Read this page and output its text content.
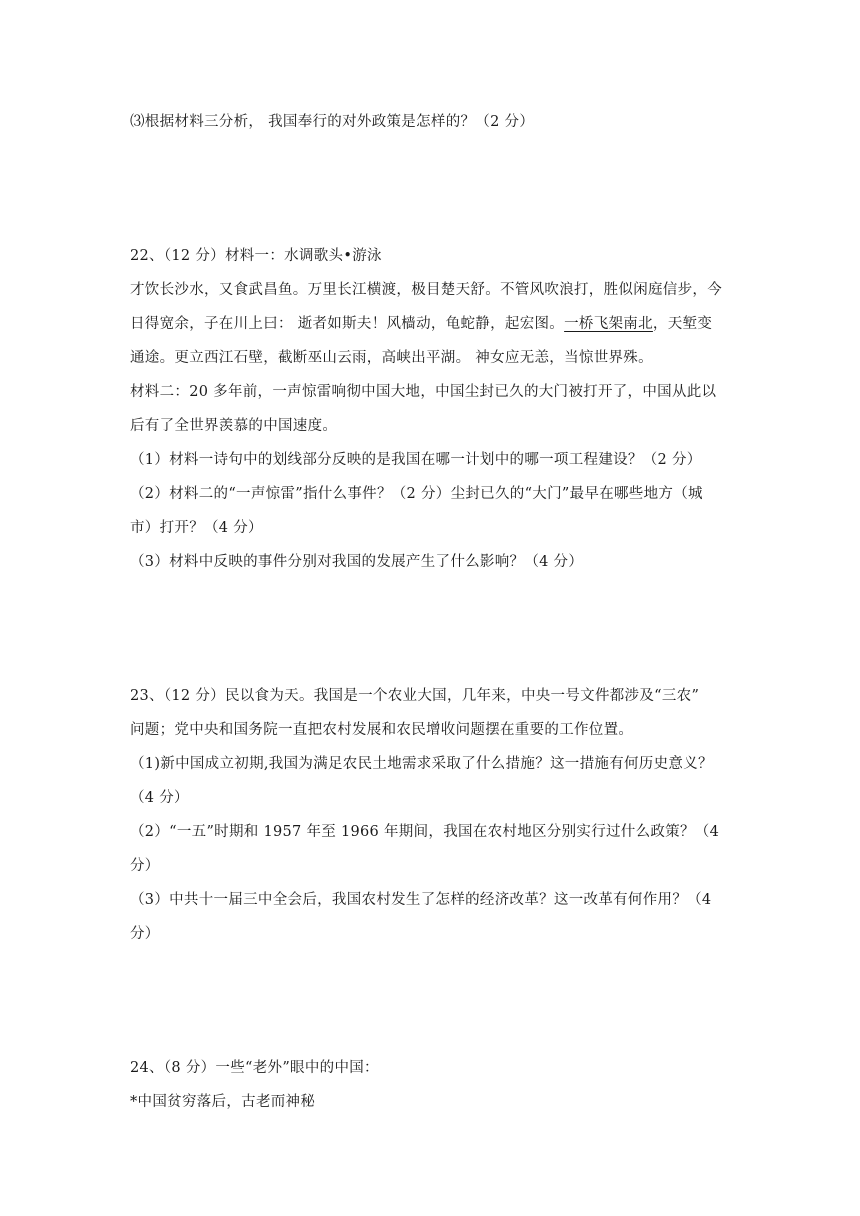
⑶根据材料三分析， 我国奉行的对外政策是怎样的？（2 分）
22、（12 分）材料一：水调歌头•游泳
才饮长沙水，又食武昌鱼。万里长江横渡，极目楚天舒。不管风吹浪打，胜似闲庭信步，今
日得宽余，子在川上曰： 逝者如斯夫！风樯动，龟蛇静，起宏图。一桥飞架南北，天堑变
通途。更立西江石壁，截断巫山云雨，高峡出平湖。 神女应无恙，当惊世界殊。
材料二：20 多年前，一声惊雷响彻中国大地，中国尘封已久的大门被打开了，中国从此以
后有了全世界羡慕的中国速度。
（1）材料一诗句中的划线部分反映的是我国在哪一计划中的哪一项工程建设？（2 分）
（2）材料二的“一声惊雷”指什么事件？（2 分）尘封已久的“大门”最早在哪些地方（城
市）打开？（4 分）
（3）材料中反映的事件分别对我国的发展产生了什么影响？（4 分）
23、（12 分）民以食为天。我国是一个农业大国，几年来，中央一号文件都涉及“三农”
问题；党中央和国务院一直把农村发展和农民增收问题摆在重要的工作位置。
（1)新中国成立初期,我国为满足农民土地需求采取了什么措施？这一措施有何历史意义？
（4 分）
（2）“一五”时期和 1957 年至 1966 年期间，我国在农村地区分别实行过什么政策？（4
分）
（3）中共十一届三中全会后，我国农村发生了怎样的经济改革？这一改革有何作用？（4
分）
24、（8 分）一些“老外”眼中的中国：
*中国贫穷落后，古老而神秘
